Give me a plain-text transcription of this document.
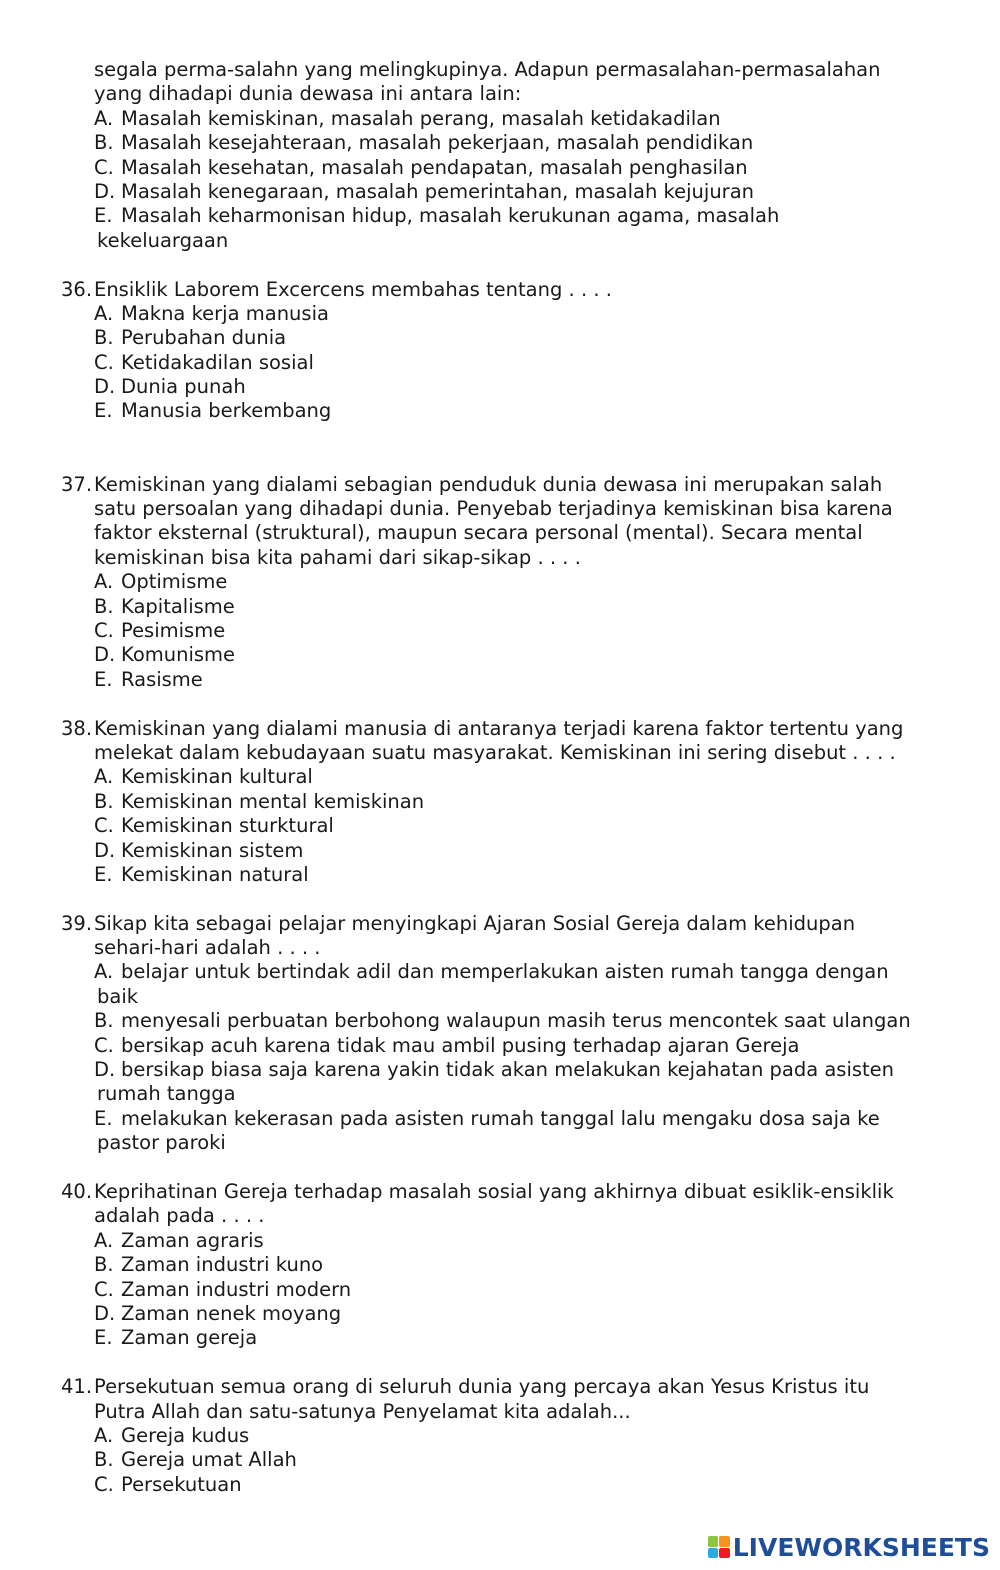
segala perma-salahn yang melingkupinya. Adapun permasalahan-permasalahan
yang dihadapi dunia dewasa ini antara lain:
A. Masalah kemiskinan, masalah perang, masalah ketidakadilan
B. Masalah kesejahteraan, masalah pekerjaan, masalah pendidikan
C. Masalah kesehatan, masalah pendapatan, masalah penghasilan
D. Masalah kenegaraan, masalah pemerintahan, masalah kejujuran
E. Masalah keharmonisan hidup, masalah kerukunan agama, masalah
kekeluargaan
36. Ensiklik Laborem Excercens membahas tentang . . . .
A. Makna kerja manusia
B. Perubahan dunia
C. Ketidakadilan sosial
D. Dunia punah
E. Manusia berkembang
37. Kemiskinan yang dialami sebagian penduduk dunia dewasa ini merupakan salah
satu persoalan yang dihadapi dunia. Penyebab terjadinya kemiskinan bisa karena
faktor eksternal (struktural), maupun secara personal (mental). Secara mental
kemiskinan bisa kita pahami dari sikap-sikap . . . .
A. Optimisme
B. Kapitalisme
C. Pesimisme
D. Komunisme
E. Rasisme
38. Kemiskinan yang dialami manusia di antaranya terjadi karena faktor tertentu yang
melekat dalam kebudayaan suatu masyarakat. Kemiskinan ini sering disebut . . . .
A. Kemiskinan kultural
B. Kemiskinan mental kemiskinan
C. Kemiskinan sturktural
D. Kemiskinan sistem
E. Kemiskinan natural
39. Sikap kita sebagai pelajar menyingkapi Ajaran Sosial Gereja dalam kehidupan
sehari-hari adalah . . . .
A. belajar untuk bertindak adil dan memperlakukan aisten rumah tangga dengan
baik
B. menyesali perbuatan berbohong walaupun masih terus mencontek saat ulangan
C. bersikap acuh karena tidak mau ambil pusing terhadap ajaran Gereja
D. bersikap biasa saja karena yakin tidak akan melakukan kejahatan pada asisten
rumah tangga
E. melakukan kekerasan pada asisten rumah tanggal lalu mengaku dosa saja ke
pastor paroki
40. Keprihatinan Gereja terhadap masalah sosial yang akhirnya dibuat esiklik-ensiklik
adalah pada . . . .
A. Zaman agraris
B. Zaman industri kuno
C. Zaman industri modern
D. Zaman nenek moyang
E. Zaman gereja
41. Persekutuan semua orang di seluruh dunia yang percaya akan Yesus Kristus itu
Putra Allah dan satu-satunya Penyelamat kita adalah...
A. Gereja kudus
B. Gereja umat Allah
C. Persekutuan
LIVEWORKSHEETS
